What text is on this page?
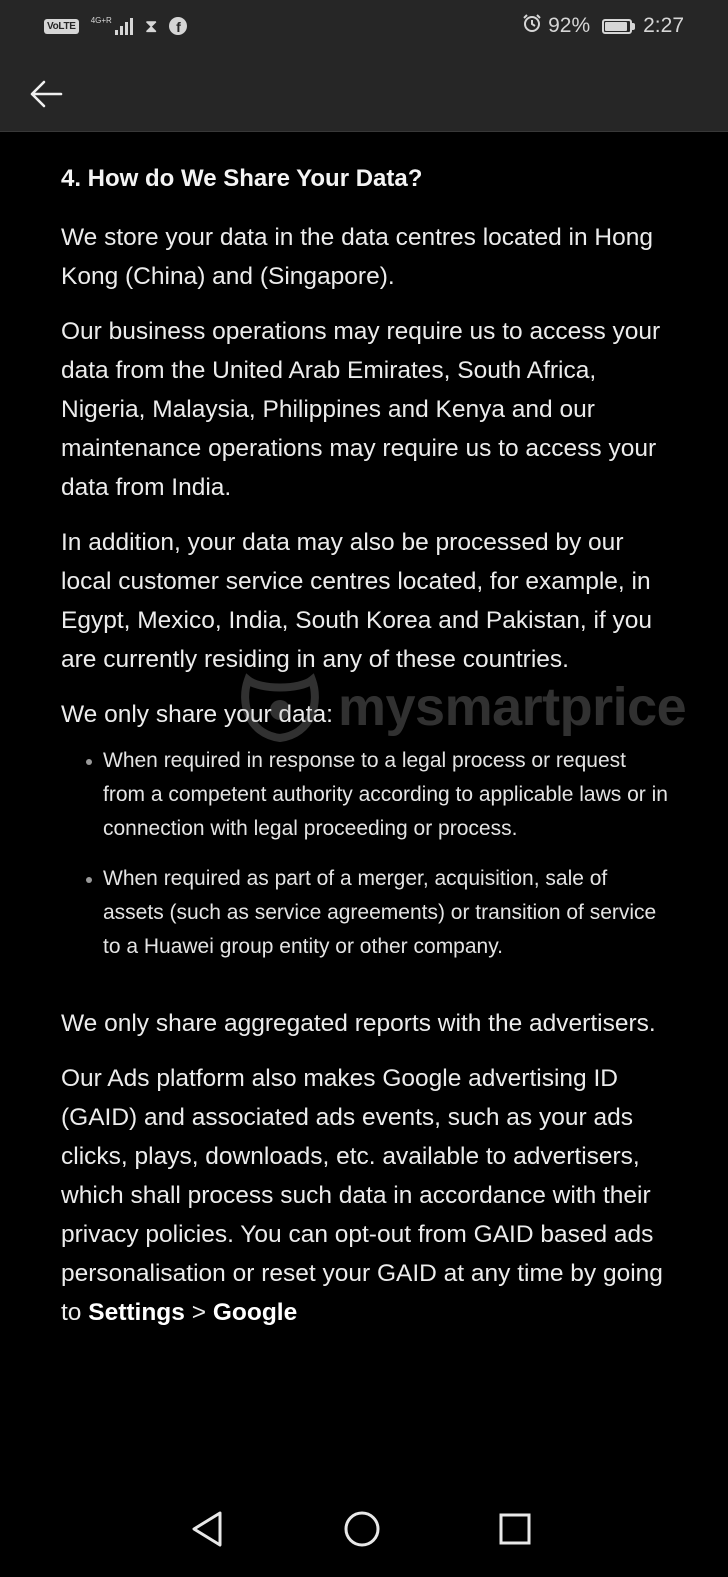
VoLTE	4G+R ⧗	f	92%	2:27
4. How do We Share Your Data?

We store your data in the data centres located in Hong Kong (China) and (Singapore).

Our business operations may require us to access your data from the United Arab Emirates, South Africa, Nigeria, Malaysia, Philippines and Kenya and our maintenance operations may require us to access your data from India.

In addition, your data may also be processed by our local customer service centres located, for example, in Egypt, Mexico, India, South Korea and Pakistan, if you are currently residing in any of these countries.

We only share your data:

When required in response to a legal process or request from a competent authority according to applicable laws or in connection with legal proceeding or process.
When required as part of a merger, acquisition, sale of assets (such as service agreements) or transition of service to a Huawei group entity or other company.

We only share aggregated reports with the advertisers.

Our Ads platform also makes Google advertising ID (GAID) and associated ads events, such as your ads clicks, plays, downloads, etc. available to advertisers, which shall process such data in accordance with their privacy policies. You can opt-out from GAID based ads personalisation or reset your GAID at any time by going to Settings > Google

mysmartprice
